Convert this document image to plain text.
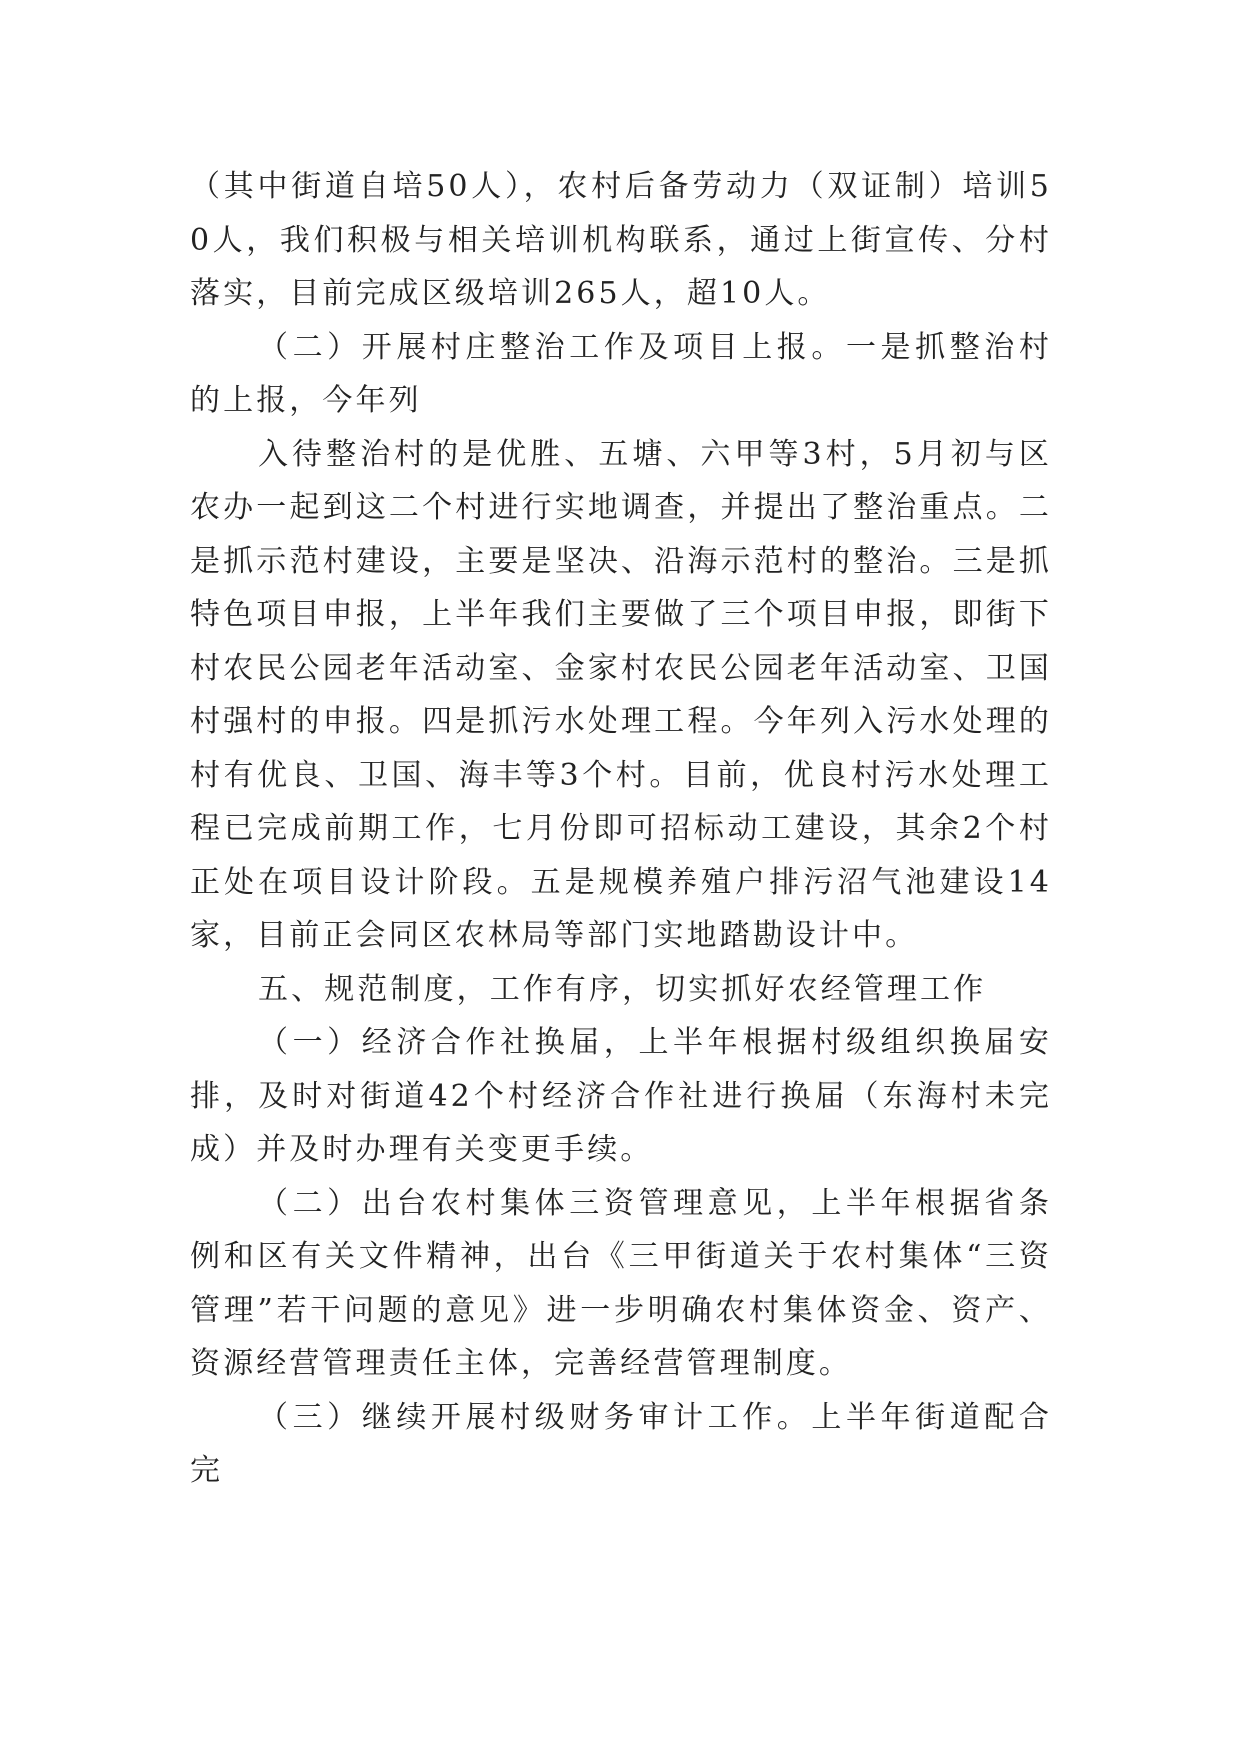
（其中街道自培50人），农村后备劳动力（双证制）培训50人，我们积极与相关培训机构联系，通过上街宣传、分村落实，目前完成区级培训265人，超10人。

（二）开展村庄整治工作及项目上报。一是抓整治村的上报，今年列

入待整治村的是优胜、五塘、六甲等3村，5月初与区农办一起到这二个村进行实地调查，并提出了整治重点。二是抓示范村建设，主要是坚决、沿海示范村的整治。三是抓特色项目申报，上半年我们主要做了三个项目申报，即街下村农民公园老年活动室、金家村农民公园老年活动室、卫国村强村的申报。四是抓污水处理工程。今年列入污水处理的村有优良、卫国、海丰等3个村。目前，优良村污水处理工程已完成前期工作，七月份即可招标动工建设，其余2个村正处在项目设计阶段。五是规模养殖户排污沼气池建设14家，目前正会同区农林局等部门实地踏勘设计中。

五、规范制度，工作有序，切实抓好农经管理工作

（一）经济合作社换届，上半年根据村级组织换届安排，及时对街道42个村经济合作社进行换届（东海村未完成）并及时办理有关变更手续。

（二）出台农村集体三资管理意见，上半年根据省条例和区有关文件精神，出台《三甲街道关于农村集体“三资管理”若干问题的意见》进一步明确农村集体资金、资产、资源经营管理责任主体，完善经营管理制度。

（三）继续开展村级财务审计工作。上半年街道配合完
